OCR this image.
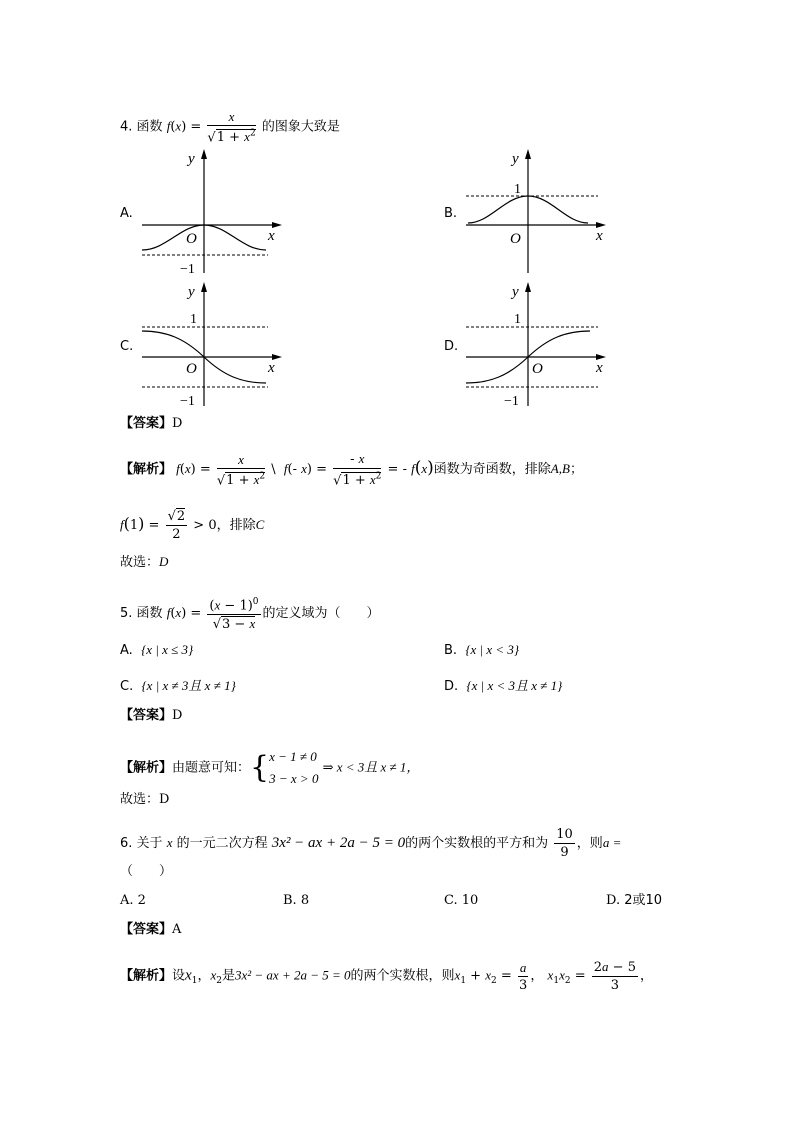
4. 函数 $f(x) = \frac{x}{√1 + x^2}$ 的图象大致是
A.	B.
C.	D.
y
x
O
−1
y
x
O
1
y
x
O
1
−1
y
x
O
1
−1
【答案】D
【解析】 $f(x) = \frac{x}{√1 + x^2}$ \  f(- $x) = \frac{- x}{√1 + x^2}$ = - f(x)函数为奇函数，排除A,B；
$f(1) = \frac{√2}{2} > 0$，排除C
故选：D
5. 函数 $f(x) = \frac{(x - 1)^0}{√3 - x}$ 的定义域为（　　）
A. {x | x ≤ 3}	B. {x | x < 3}
C. {x | x ≠ 3且 x ≠ 1}	D. {x | x < 3且 x ≠ 1}
【答案】D
【解析】由题意可知：{ x − 1 ≠ 0
3 − x > 0
⇒ x < 3且 x ≠ 1，
故选：D
6. 关于 x 的一元二次方程 3x² − ax + 2a − 5 = 0的两个实数根的平方和为 $\frac{10}{9}$ ，则a =
（　　）
A. 2	B. 8	C. 10	D. 2或10
【答案】A
【解析】设$x_1$，$x_2$是3x² − ax + 2a − 5 = 0的两个实数根，则$x_1 + x_2 = \frac{a}{3}$ ， $x_1x_2 = \frac{2a - 5}{3}$ ，
